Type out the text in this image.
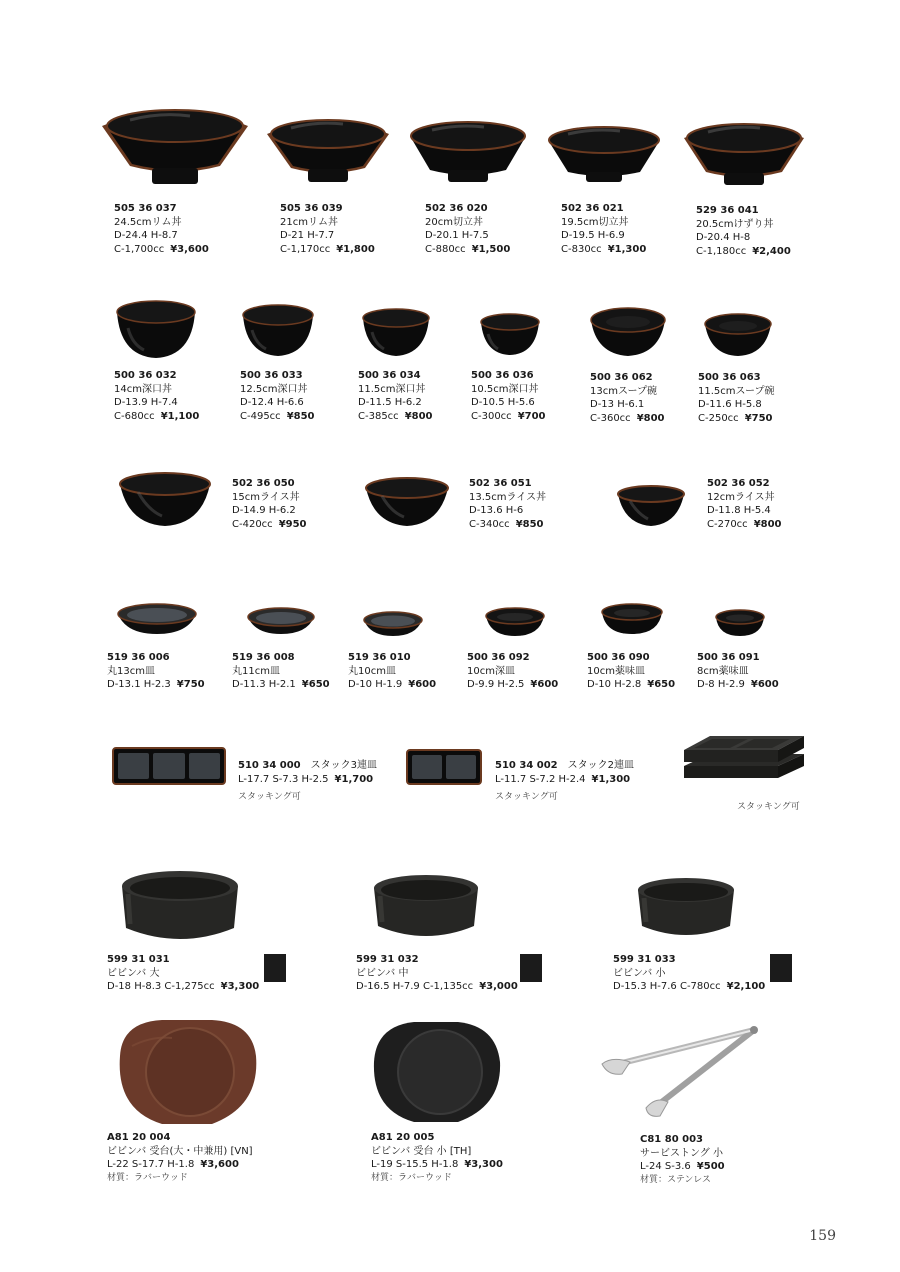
505 36 037
24.5cmリム丼
D-24.4 H-8.7
C-1,700cc ¥3,600
505 36 039
21cmリム丼
D-21 H-7.7
C-1,170cc ¥1,800
502 36 020
20cm切立丼
D-20.1 H-7.5
C-880cc ¥1,500
502 36 021
19.5cm切立丼
D-19.5 H-6.9
C-830cc ¥1,300
529 36 041
20.5cmけずり丼
D-20.4 H-8
C-1,180cc ¥2,400
500 36 032
14cm深口丼
D-13.9 H-7.4
C-680cc ¥1,100
500 36 033
12.5cm深口丼
D-12.4 H-6.6
C-495cc ¥850
500 36 034
11.5cm深口丼
D-11.5 H-6.2
C-385cc ¥800
500 36 036
10.5cm深口丼
D-10.5 H-5.6
C-300cc ¥700
500 36 062
13cmスープ碗
D-13 H-6.1
C-360cc ¥800
500 36 063
11.5cmスープ碗
D-11.6 H-5.8
C-250cc ¥750
502 36 050
15cmライス丼
D-14.9 H-6.2
C-420cc ¥950
502 36 051
13.5cmライス丼
D-13.6 H-6
C-340cc ¥850
502 36 052
12cmライス丼
D-11.8 H-5.4
C-270cc ¥800
519 36 006
丸13cm皿
D-13.1 H-2.3 ¥750
519 36 008
丸11cm皿
D-11.3 H-2.1 ¥650
519 36 010
丸10cm皿
D-10 H-1.9 ¥600
500 36 092
10cm深皿
D-9.9 H-2.5 ¥600
500 36 090
10cm薬味皿
D-10 H-2.8 ¥650
500 36 091
8cm薬味皿
D-8 H-2.9 ¥600
510 34 000 スタック3連皿
L-17.7 S-7.3 H-2.5 ¥1,700
スタッキング可
510 34 002 スタック2連皿
L-11.7 S-7.2 H-2.4 ¥1,300
スタッキング可
スタッキング可
599 31 031
ビビンバ 大
D-18 H-8.3 C-1,275cc ¥3,300
599 31 032
ビビンバ 中
D-16.5 H-7.9 C-1,135cc ¥3,000
599 31 033
ビビンバ 小
D-15.3 H-7.6 C-780cc ¥2,100
A81 20 004
ビビンバ 受台(大・中兼用) [VN]
L-22 S-17.7 H-1.8 ¥3,600
材質：ラバーウッド
A81 20 005
ビビンバ 受台 小 [TH]
L-19 S-15.5 H-1.8 ¥3,300
材質：ラバーウッド
C81 80 003
サービストング 小
L-24 S-3.6 ¥500
材質：ステンレス
159
